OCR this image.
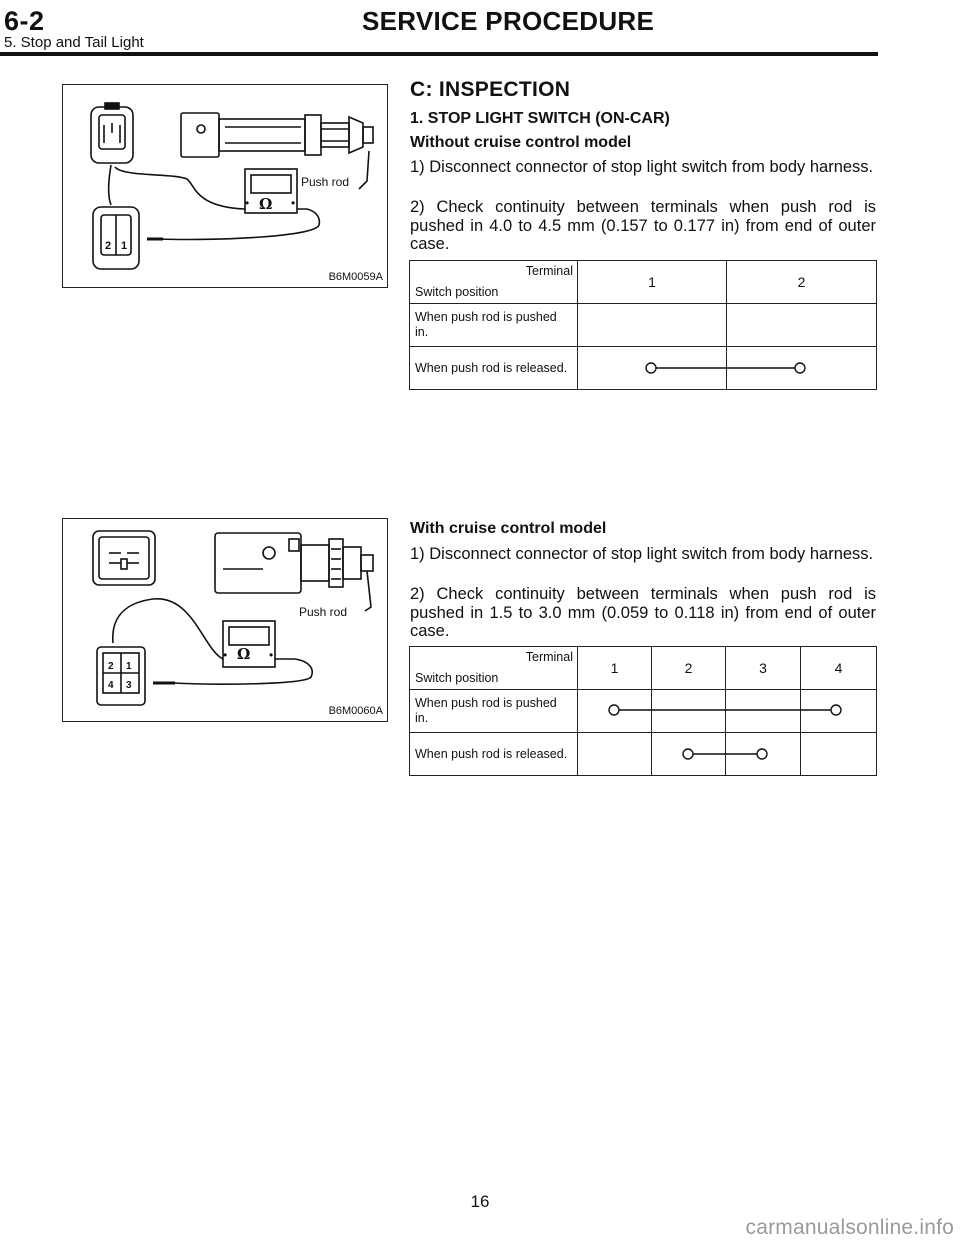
6-2	SERVICE PROCEDURE
5. Stop and Tail Light
•	•
Ω
2 1
Push rod
B6M0059A
C: INSPECTION
1. STOP LIGHT SWITCH (ON-CAR)
Without cruise control model
1) Disconnect connector of stop light switch from body harness.
2) Check continuity between terminals when push rod is pushed in 4.0 to 4.5 mm (0.157 to 0.177 in) from end of outer case.
Terminal
Switch position	1	2
When push rod is pushed in.		
When push rod is released.		
•	•
Ω
2 1
4 3
Push rod
B6M0060A
With cruise control model
1) Disconnect connector of stop light switch from body harness.
2) Check continuity between terminals when push rod is pushed in 1.5 to 3.0 mm (0.059 to 0.118 in) from end of outer case.
Terminal
Switch position	1	2	3	4
When push rod is pushed in.				
When push rod is released.				
16
carmanualsonline.info
